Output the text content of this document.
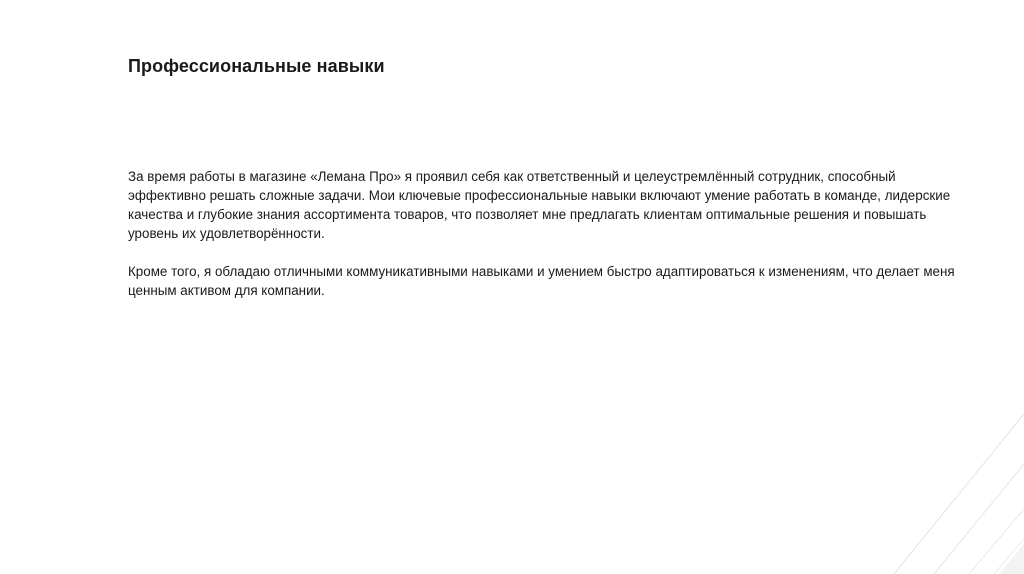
Профессиональные навыки

За время работы в магазине «Лемана Про» я проявил себя как ответственный и целеустремлённый сотрудник, способный эффективно решать сложные задачи. Мои ключевые профессиональные навыки включают умение работать в команде, лидерские качества и глубокие знания ассортимента товаров, что позволяет мне предлагать клиентам оптимальные решения и повышать уровень их удовлетворённости.

Кроме того, я обладаю отличными коммуникативными навыками и умением быстро адаптироваться к изменениям, что делает меня ценным активом для компании.
